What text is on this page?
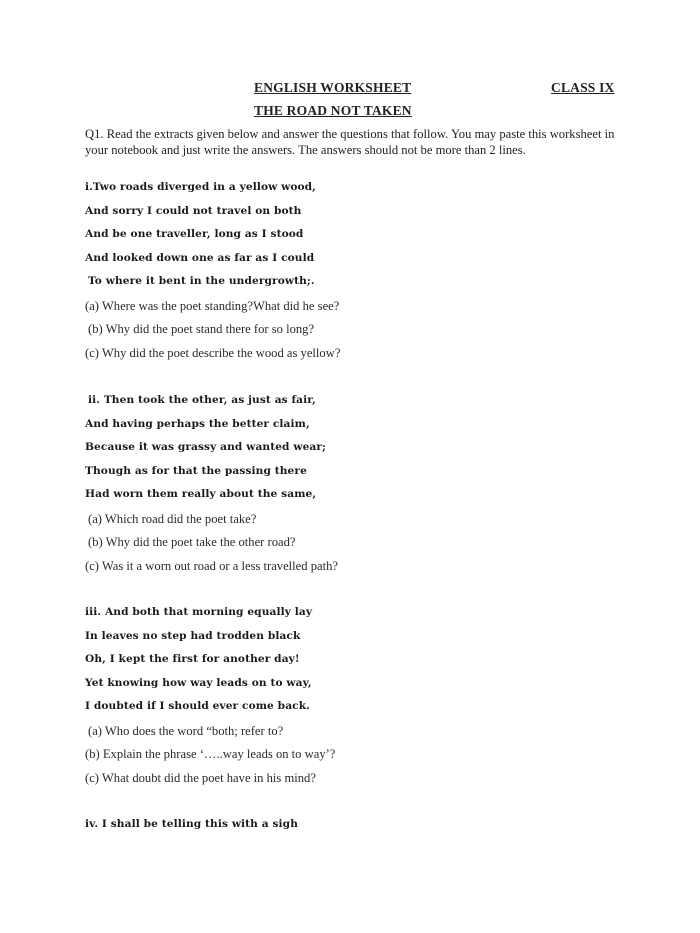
ENGLISH WORKSHEET	CLASS IX
THE ROAD NOT TAKEN
Q1. Read the extracts given below and answer the questions that follow. You may paste this worksheet in your notebook and just write the answers. The answers should not be more than 2 lines.
i.Two roads diverged in a yellow wood,
And sorry I could not travel on both
And be one traveller, long as I stood
And looked down one as far as I could
To where it bent in the undergrowth;.
(a) Where was the poet standing?What did he see?
(b) Why did the poet stand there for so long?
(c) Why did the poet describe the wood as yellow?
ii. Then took the other, as just as fair,
And having perhaps the better claim,
Because it was grassy and wanted wear;
Though as for that the passing there
Had worn them really about the same,
(a) Which road did the poet take?
(b) Why did the poet take the other road?
(c) Was it a worn out road or a less travelled path?
iii. And both that morning equally lay
In leaves no step had trodden black
Oh, I kept the first for another day!
Yet knowing how way leads on to way,
I doubted if I should ever come back.
(a) Who does the word “both; refer to?
(b) Explain the phrase ‘…..way leads on to way’?
(c) What doubt did the poet have in his mind?
iv. I shall be telling this with a sigh
